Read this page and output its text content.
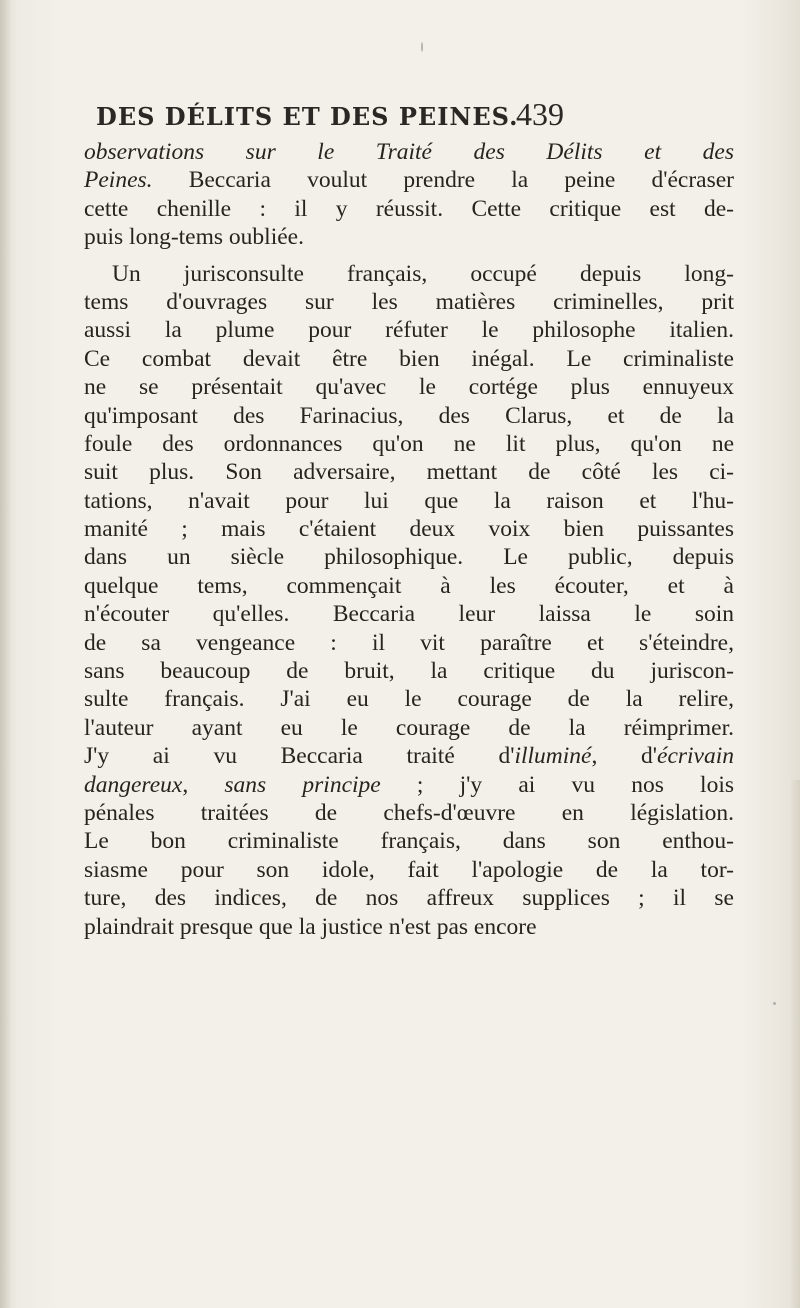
DES DÉLITS ET DES PEINES.
439
observations sur le Traité des Délits et des
Peines. Beccaria voulut prendre la peine d'écraser
cette chenille : il y réussit. Cette critique est de-
puis long-tems oubliée.
Un jurisconsulte français, occupé depuis long-
tems d'ouvrages sur les matières criminelles, prit
aussi la plume pour réfuter le philosophe italien.
Ce combat devait être bien inégal. Le criminaliste
ne se présentait qu'avec le cortége plus ennuyeux
qu'imposant des Farinacius, des Clarus, et de la
foule des ordonnances qu'on ne lit plus, qu'on ne
suit plus. Son adversaire, mettant de côté les ci-
tations, n'avait pour lui que la raison et l'hu-
manité ; mais c'étaient deux voix bien puissantes
dans un siècle philosophique. Le public, depuis
quelque tems, commençait à les écouter, et à
n'écouter qu'elles. Beccaria leur laissa le soin
de sa vengeance : il vit paraître et s'éteindre,
sans beaucoup de bruit, la critique du juriscon-
sulte français. J'ai eu le courage de la relire,
l'auteur ayant eu le courage de la réimprimer.
J'y ai vu Beccaria traité d'illuminé, d'écrivain
dangereux, sans principe ; j'y ai vu nos lois
pénales traitées de chefs-d'œuvre en législation.
Le bon criminaliste français, dans son enthou-
siasme pour son idole, fait l'apologie de la tor-
ture, des indices, de nos affreux supplices ; il se
plaindrait presque que la justice n'est pas encore
